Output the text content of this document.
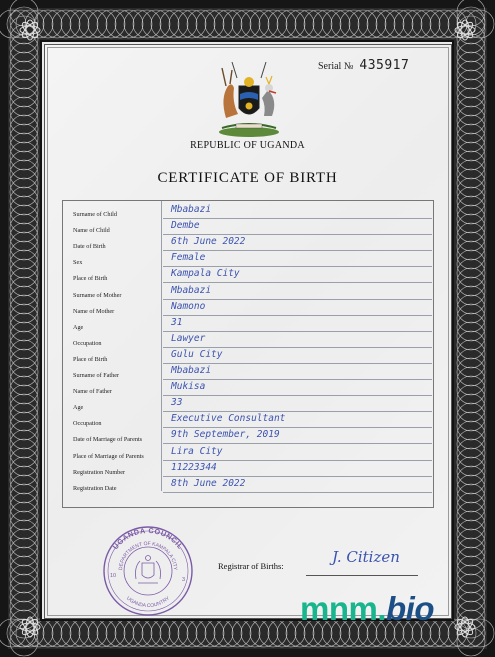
Serial № 435917
REPUBLIC OF UGANDA
CERTIFICATE OF BIRTH
Surname of Child	Mbabazi
Name of Child	Dembe
Date of Birth	6th June 2022
Sex	Female
Place of Birth	Kampala City
Surname of Mother	Mbabazi
Name of Mother	Namono
Age	31
Occupation	Lawyer
Place of Birth	Gulu City
Surname of Father	Mbabazi
Name of Father	Mukisa
Age	33
Occupation	Executive Consultant
Date of Marriage of Parents	9th September, 2019
Place of Marriage of Parents	Lira City
Registration Number	11223344
Registration Date	8th June 2022
UGANDA COUNCIL
DEPARTMENT OF KAMPALA CITY
UGANDA COUNTRY
10
3
Registrar of Births:	J. Citizen
mnm.bio
